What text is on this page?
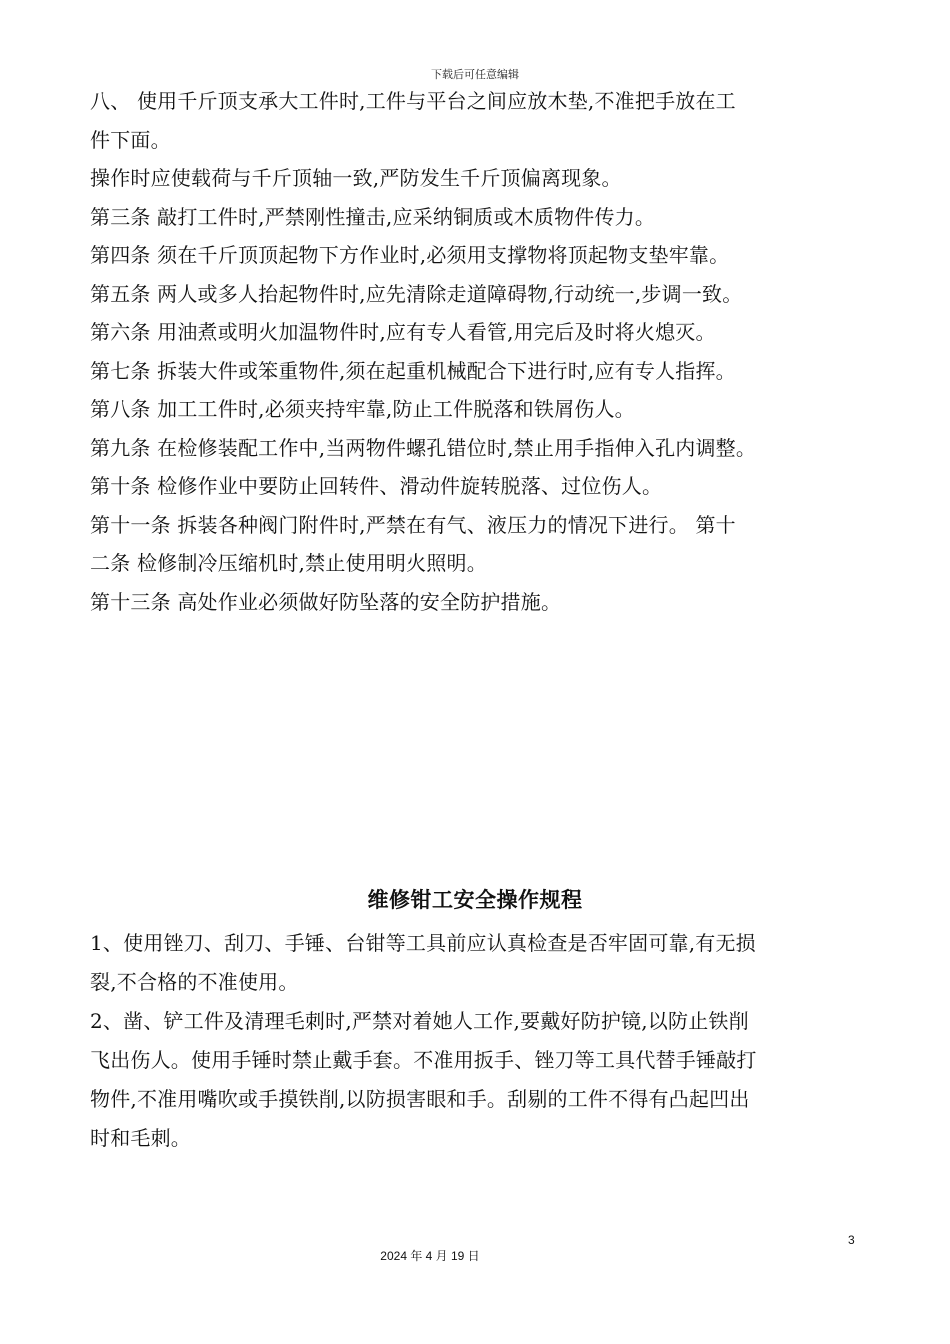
下载后可任意编辑
八、 使用千斤顶支承大工件时,工件与平台之间应放木垫,不准把手放在工
件下面。
操作时应使载荷与千斤顶轴一致,严防发生千斤顶偏离现象。
第三条 敲打工件时,严禁刚性撞击,应采纳铜质或木质物件传力。
第四条 须在千斤顶顶起物下方作业时,必须用支撑物将顶起物支垫牢靠。
第五条 两人或多人抬起物件时,应先清除走道障碍物,行动统一,步调一致。
第六条 用油煮或明火加温物件时,应有专人看管,用完后及时将火熄灭。
第七条 拆装大件或笨重物件,须在起重机械配合下进行时,应有专人指挥。
第八条 加工工件时,必须夹持牢靠,防止工件脱落和铁屑伤人。
第九条 在检修装配工作中,当两物件螺孔错位时,禁止用手指伸入孔内调整。
第十条 检修作业中要防止回转件、滑动件旋转脱落、过位伤人。
第十一条 拆装各种阀门附件时,严禁在有气、液压力的情况下进行。 第十
二条 检修制冷压缩机时,禁止使用明火照明。
第十三条 高处作业必须做好防坠落的安全防护措施。
维修钳工安全操作规程
1、使用锉刀、刮刀、手锤、台钳等工具前应认真检查是否牢固可靠,有无损
裂,不合格的不准使用。
2、凿、铲工件及清理毛刺时,严禁对着她人工作,要戴好防护镜,以防止铁削
飞出伤人。使用手锤时禁止戴手套。不准用扳手、锉刀等工具代替手锤敲打
物件,不准用嘴吹或手摸铁削,以防损害眼和手。刮剔的工件不得有凸起凹出
时和毛刺。
3
2024 年 4 月 19 日
